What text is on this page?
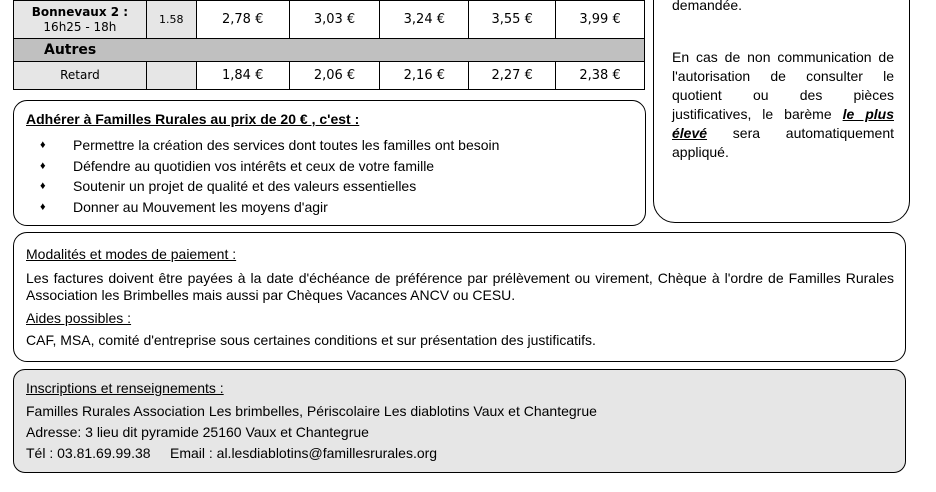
Bonnevaux 2 :
16h25 - 18h	1.58	2,78 €	3,03 €	3,24 €	3,55 €	3,99 €
Autres						
Retard		1,84 €	2,06 €	2,16 €	2,27 €	2,38 €
demandée.
En cas de non communication de l'autorisation de consulter le quotient ou des pièces justificatives, le barème le plus élevé sera automatiquement appliqué.
Adhérer à Familles Rurales au prix de 20 € , c'est :
♦ Permettre la création des services dont toutes les familles ont besoin
♦ Défendre au quotidien vos intérêts et ceux de votre famille
♦ Soutenir un projet de qualité et des valeurs essentielles
♦ Donner au Mouvement les moyens d'agir
Modalités et modes de paiement :
Les factures doivent être payées à la date d'échéance de préférence par prélèvement ou virement, Chèque à l'ordre de Familles Rurales Association les Brimbelles mais aussi par Chèques Vacances ANCV ou CESU.
Aides possibles :
CAF, MSA, comité d'entreprise sous certaines conditions et sur présentation des justificatifs.
Inscriptions et renseignements :
Familles Rurales Association Les brimbelles, Périscolaire Les diablotins Vaux et Chantegrue
Adresse: 3 lieu dit pyramide 25160 Vaux et Chantegrue
Tél : 03.81.69.99.38     Email : al.lesdiablotins@famillesrurales.org
